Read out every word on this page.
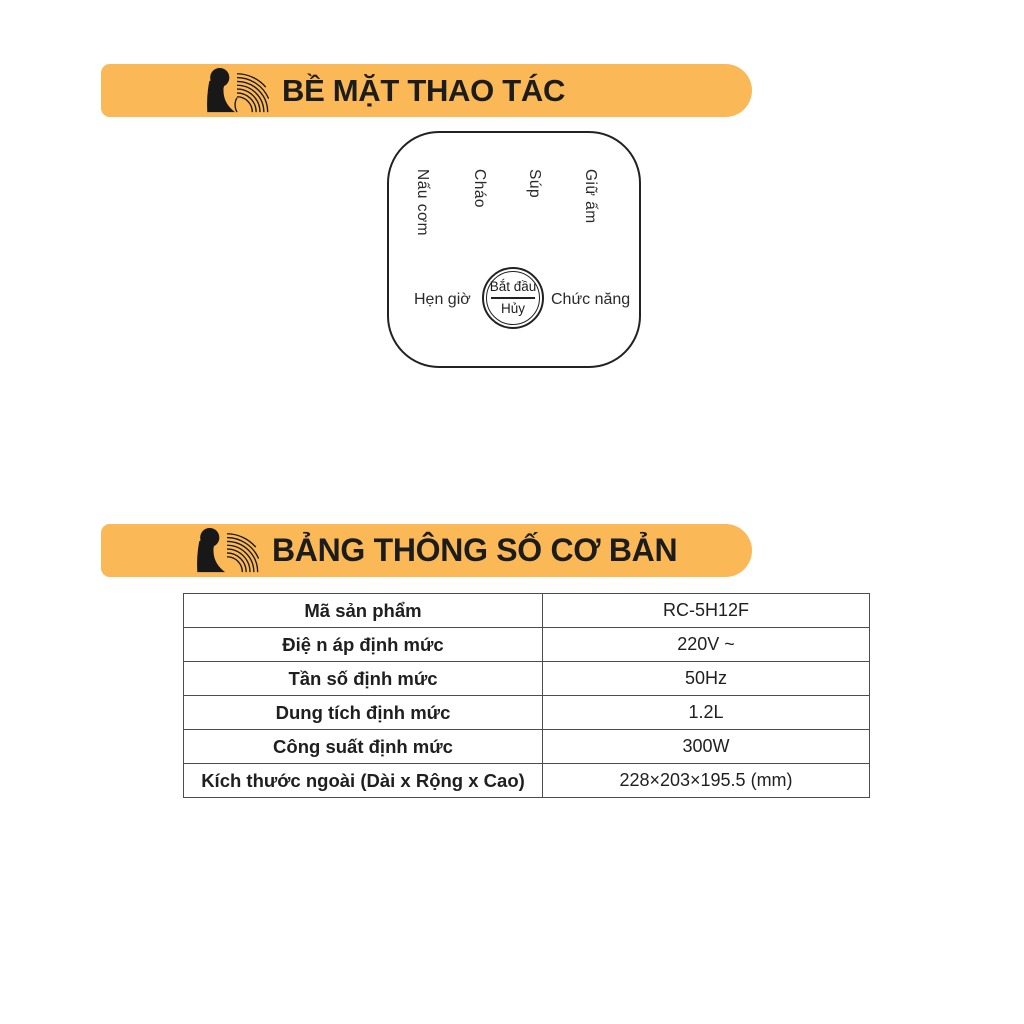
BỀ MẶT THAO TÁC
Nấu cơm	Cháo Súp	Giữ ấm
Hẹn giờ
Bắt đầu
Hủy
Chức năng
BẢNG THÔNG SỐ CƠ BẢN
Mã sản phẩm	RC-5H12F
Điệ n áp định mức	220V ~
Tần số định mức	50Hz
Dung tích định mức	1.2L
Công suất định mức	300W
Kích thước ngoài (Dài x Rộng x Cao)	228×203×195.5 (mm)
